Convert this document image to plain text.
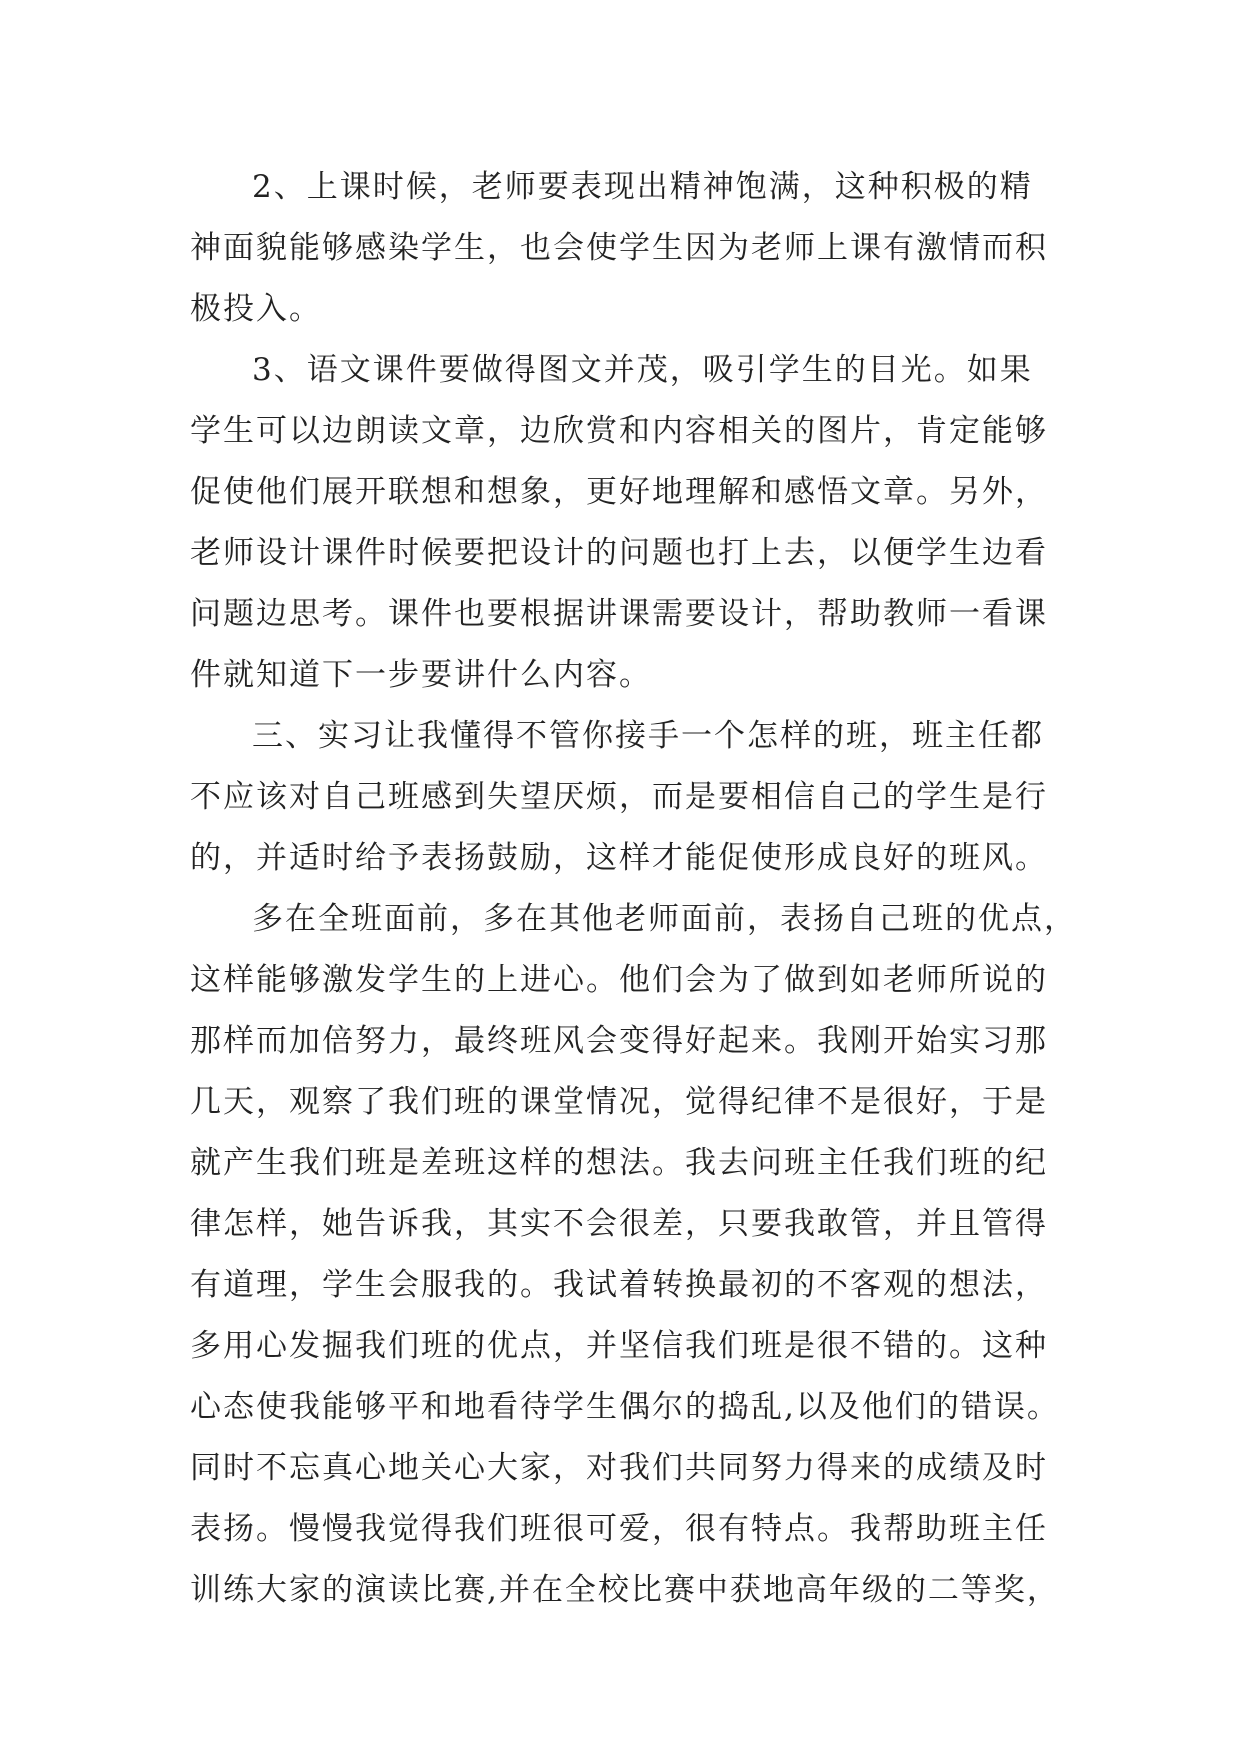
2、上课时候，老师要表现出精神饱满，这种积极的精
神面貌能够感染学生，也会使学生因为老师上课有激情而积
极投入。
3、语文课件要做得图文并茂，吸引学生的目光。如果
学生可以边朗读文章，边欣赏和内容相关的图片，肯定能够
促使他们展开联想和想象，更好地理解和感悟文章。另外，
老师设计课件时候要把设计的问题也打上去，以便学生边看
问题边思考。课件也要根据讲课需要设计，帮助教师一看课
件就知道下一步要讲什么内容。
三、实习让我懂得不管你接手一个怎样的班，班主任都
不应该对自己班感到失望厌烦，而是要相信自己的学生是行
的，并适时给予表扬鼓励，这样才能促使形成良好的班风。
多在全班面前，多在其他老师面前，表扬自己班的优点，
这样能够激发学生的上进心。他们会为了做到如老师所说的
那样而加倍努力，最终班风会变得好起来。我刚开始实习那
几天，观察了我们班的课堂情况，觉得纪律不是很好，于是
就产生我们班是差班这样的想法。我去问班主任我们班的纪
律怎样，她告诉我，其实不会很差，只要我敢管，并且管得
有道理，学生会服我的。我试着转换最初的不客观的想法，
多用心发掘我们班的优点，并坚信我们班是很不错的。这种
心态使我能够平和地看待学生偶尔的捣乱,以及他们的错误。
同时不忘真心地关心大家，对我们共同努力得来的成绩及时
表扬。慢慢我觉得我们班很可爱，很有特点。我帮助班主任
训练大家的演读比赛,并在全校比赛中获地高年级的二等奖，
